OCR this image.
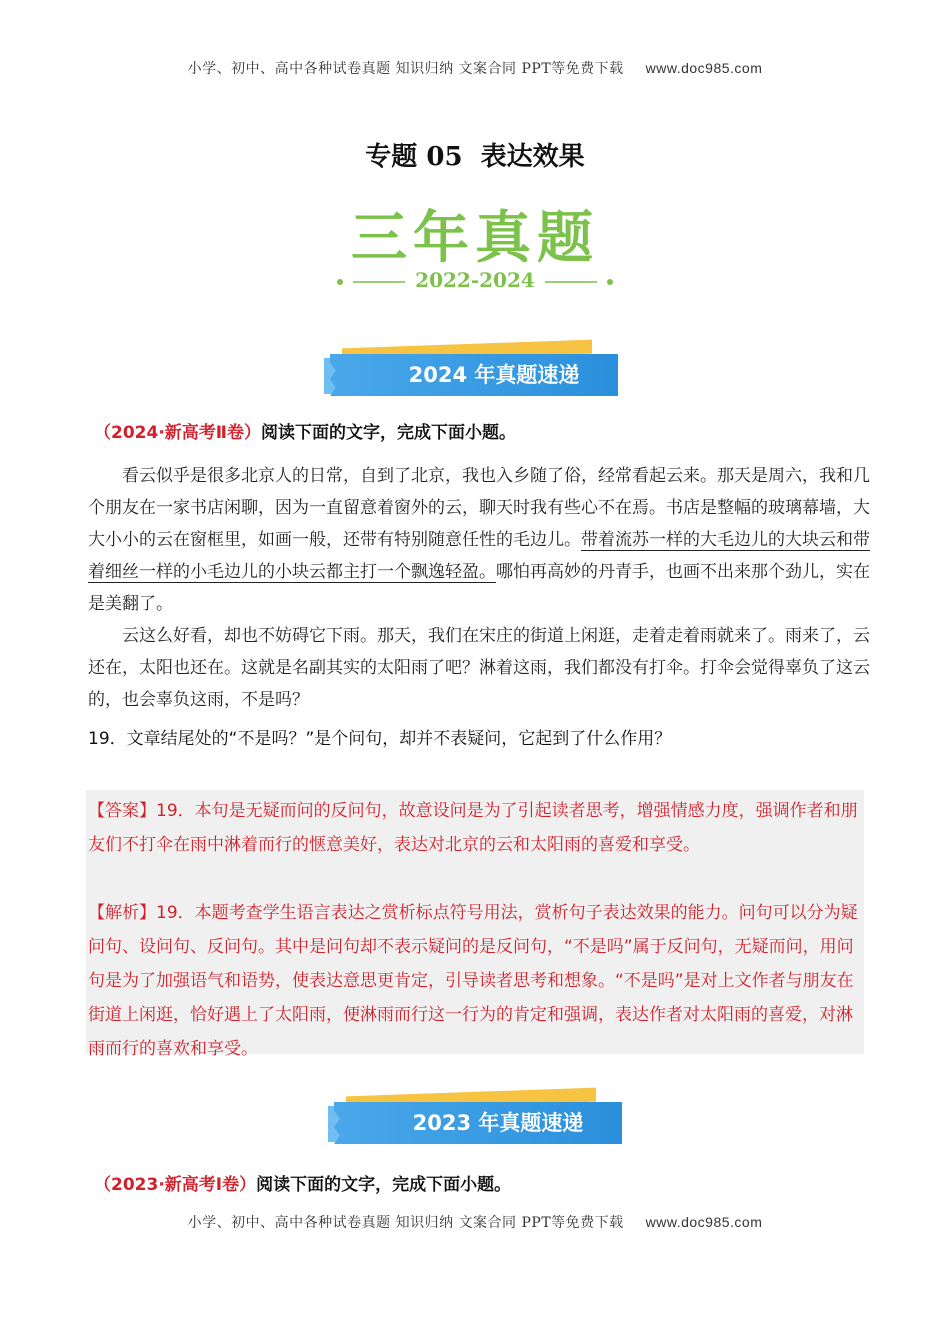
小学、初中、高中各种试卷真题 知识归纳 文案合同 PPT等免费下载 www.doc985.com
专题 05 表达效果
三年真题
2022-2024
2024 年真题速递
（2024·新高考Ⅱ卷）阅读下面的文字，完成下面小题。

看云似乎是很多北京人的日常，自到了北京，我也入乡随了俗，经常看起云来。那天是周六，我和几个朋友在一家书店闲聊，因为一直留意着窗外的云，聊天时我有些心不在焉。书店是整幅的玻璃幕墙，大大小小的云在窗框里，如画一般，还带有特别随意任性的毛边儿。带着流苏一样的大毛边儿的大块云和带着细丝一样的小毛边儿的小块云都主打一个飘逸轻盈。哪怕再高妙的丹青手，也画不出来那个劲儿，实在是美翻了。

云这么好看，却也不妨碍它下雨。那天，我们在宋庄的街道上闲逛，走着走着雨就来了。雨来了，云还在，太阳也还在。这就是名副其实的太阳雨了吧？淋着这雨，我们都没有打伞。打伞会觉得辜负了这云的，也会辜负这雨，不是吗？

19．文章结尾处的“不是吗？”是个问句，却并不表疑问，它起到了什么作用？

【答案】19．本句是无疑而问的反问句，故意设问是为了引起读者思考，增强情感力度，强调作者和朋友们不打伞在雨中淋着而行的惬意美好，表达对北京的云和太阳雨的喜爱和享受。

【解析】19．本题考查学生语言表达之赏析标点符号用法，赏析句子表达效果的能力。问句可以分为疑问句、设问句、反问句。其中是问句却不表示疑问的是反问句，“不是吗”属于反问句，无疑而问，用问句是为了加强语气和语势，使表达意思更肯定，引导读者思考和想象。“不是吗”是对上文作者与朋友在街道上闲逛，恰好遇上了太阳雨，便淋雨而行这一行为的肯定和强调，表达作者对太阳雨的喜爱，对淋雨而行的喜欢和享受。

2023 年真题速递
（2023·新高考Ⅰ卷）阅读下面的文字，完成下面小题。
小学、初中、高中各种试卷真题 知识归纳 文案合同 PPT等免费下载 www.doc985.com
